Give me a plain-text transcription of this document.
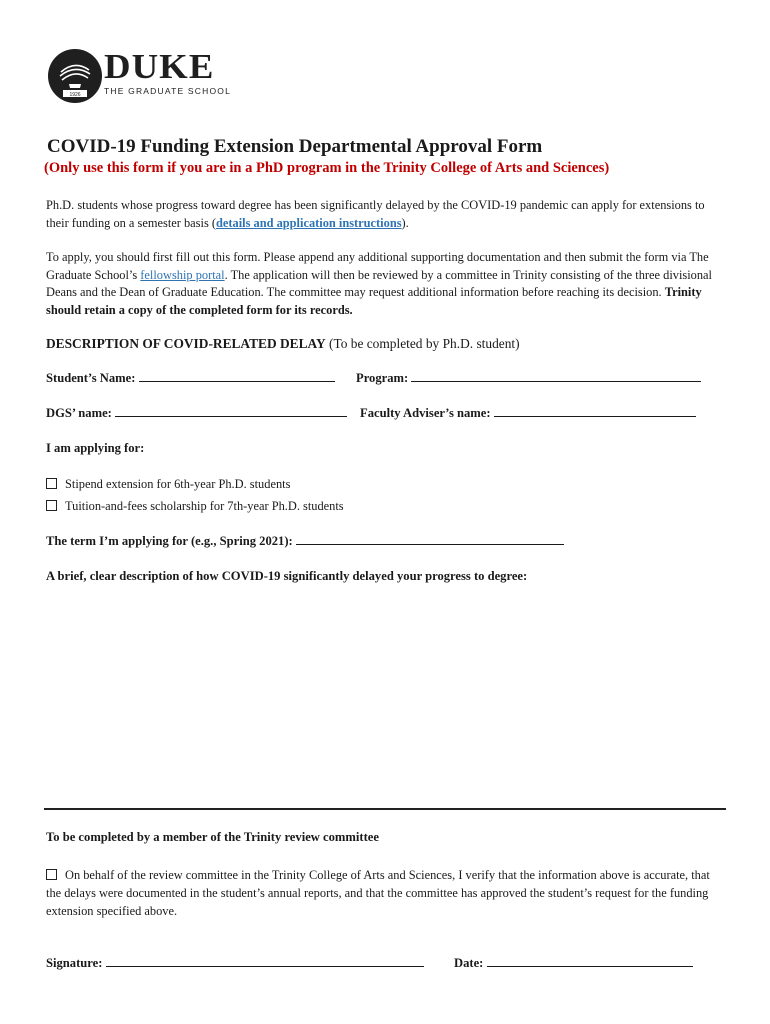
1926
DUKE
THE GRADUATE SCHOOL
COVID-19 Funding Extension Departmental Approval Form
(Only use this form if you are in a PhD program in the Trinity College of Arts and Sciences)
Ph.D. students whose progress toward degree has been significantly delayed by the COVID-19 pandemic can apply for extensions to their funding on a semester basis (details and application instructions).
To apply, you should first fill out this form. Please append any additional supporting documentation and then submit the form via The Graduate School’s fellowship portal. The application will then be reviewed by a committee in Trinity consisting of the three divisional Deans and the Dean of Graduate Education. The committee may request additional information before reaching its decision. Trinity should retain a copy of the completed form for its records.
DESCRIPTION OF COVID-RELATED DELAY (To be completed by Ph.D. student)
Student’s Name:	Program:
DGS’ name:	Faculty Adviser’s name:
I am applying for:
Stipend extension for 6th-year Ph.D. students
Tuition-and-fees scholarship for 7th-year Ph.D. students
The term I’m applying for (e.g., Spring 2021):
A brief, clear description of how COVID-19 significantly delayed your progress to degree:
To be completed by a member of the Trinity review committee
On behalf of the review committee in the Trinity College of Arts and Sciences, I verify that the information above is accurate, that the delays were documented in the student’s annual reports, and that the committee has approved the student’s request for the funding extension specified above.
Signature:	Date:
